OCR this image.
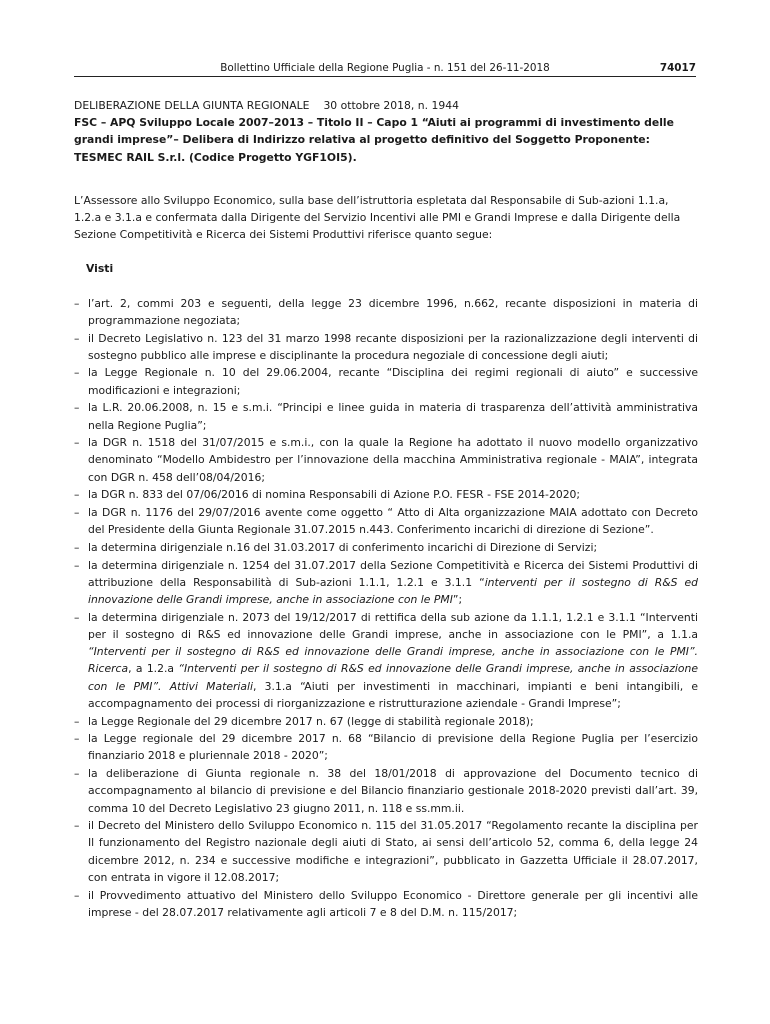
Bollettino Ufficiale della Regione Puglia - n. 151 del 26-11-2018	74017

DELIBERAZIONE DELLA GIUNTA REGIONALE 30 ottobre 2018, n. 1944

FSC – APQ Sviluppo Locale 2007–2013 – Titolo II – Capo 1 “Aiuti ai programmi di investimento delle grandi imprese”– Delibera di Indirizzo relativa al progetto definitivo del Soggetto Proponente: TESMEC RAIL S.r.l. (Codice Progetto YGF1OI5).

L’Assessore allo Sviluppo Economico, sulla base dell’istruttoria espletata dal Responsabile di Sub-azioni 1.1.a, 1.2.a e 3.1.a e confermata dalla Dirigente del Servizio Incentivi alle PMI e Grandi Imprese e dalla Dirigente della Sezione Competitività e Ricerca dei Sistemi Produttivi riferisce quanto segue:

Visti

– l’art. 2, commi 203 e seguenti, della legge 23 dicembre 1996, n.662, recante disposizioni in materia di programmazione negoziata;
– il Decreto Legislativo n. 123 del 31 marzo 1998 recante disposizioni per la razionalizzazione degli interventi di sostegno pubblico alle imprese e disciplinante la procedura negoziale di concessione degli aiuti;
– la Legge Regionale n. 10 del 29.06.2004, recante “Disciplina dei regimi regionali di aiuto” e successive modificazioni e integrazioni;
– la L.R. 20.06.2008, n. 15 e s.m.i. “Principi e linee guida in materia di trasparenza dell’attività amministrativa nella Regione Puglia”;
– la DGR n. 1518 del 31/07/2015 e s.m.i., con la quale la Regione ha adottato il nuovo modello organizzativo denominato “Modello Ambidestro per l’innovazione della macchina Amministrativa regionale - MAIA”, integrata con DGR n. 458 dell’08/04/2016;
– la DGR n. 833 del 07/06/2016 di nomina Responsabili di Azione P.O. FESR - FSE 2014-2020;
– la DGR n. 1176 del 29/07/2016 avente come oggetto “ Atto di Alta organizzazione MAIA adottato con Decreto del Presidente della Giunta Regionale 31.07.2015 n.443. Conferimento incarichi di direzione di Sezione”.
– la determina dirigenziale n.16 del 31.03.2017 di conferimento incarichi di Direzione di Servizi;
– la determina dirigenziale n. 1254 del 31.07.2017 della Sezione Competitività e Ricerca dei Sistemi Produttivi di attribuzione della Responsabilità di Sub-azioni 1.1.1, 1.2.1 e 3.1.1 “interventi per il sostegno di R&S ed innovazione delle Grandi imprese, anche in associazione con le PMI”;
– la determina dirigenziale n. 2073 del 19/12/2017 di rettifica della sub azione da 1.1.1, 1.2.1 e 3.1.1 “Interventi per il sostegno di R&S ed innovazione delle Grandi imprese, anche in associazione con le PMI”, a 1.1.a “Interventi per il sostegno di R&S ed innovazione delle Grandi imprese, anche in associazione con le PMI”. Ricerca, a 1.2.a “Interventi per il sostegno di R&S ed innovazione delle Grandi imprese, anche in associazione con le PMI”. Attivi Materiali, 3.1.a “Aiuti per investimenti in macchinari, impianti e beni intangibili, e accompagnamento dei processi di riorganizzazione e ristrutturazione aziendale - Grandi Imprese”;
– la Legge Regionale del 29 dicembre 2017 n. 67 (legge di stabilità regionale 2018);
– la Legge regionale del 29 dicembre 2017 n. 68 “Bilancio di previsione della Regione Puglia per l’esercizio finanziario 2018 e pluriennale 2018 - 2020”;
– la deliberazione di Giunta regionale n. 38 del 18/01/2018 di approvazione del Documento tecnico di accompagnamento al bilancio di previsione e del Bilancio finanziario gestionale 2018-2020 previsti dall’art. 39, comma 10 del Decreto Legislativo 23 giugno 2011, n. 118 e ss.mm.ii.
– il Decreto del Ministero dello Sviluppo Economico n. 115 del 31.05.2017 “Regolamento recante la disciplina per Il funzionamento del Registro nazionale degli aiuti di Stato, ai sensi dell’articolo 52, comma 6, della legge 24 dicembre 2012, n. 234 e successive modifiche e integrazioni”, pubblicato in Gazzetta Ufficiale il 28.07.2017, con entrata in vigore il 12.08.2017;
– il Provvedimento attuativo del Ministero dello Sviluppo Economico - Direttore generale per gli incentivi alle imprese - del 28.07.2017 relativamente agli articoli 7 e 8 del D.M. n. 115/2017;
